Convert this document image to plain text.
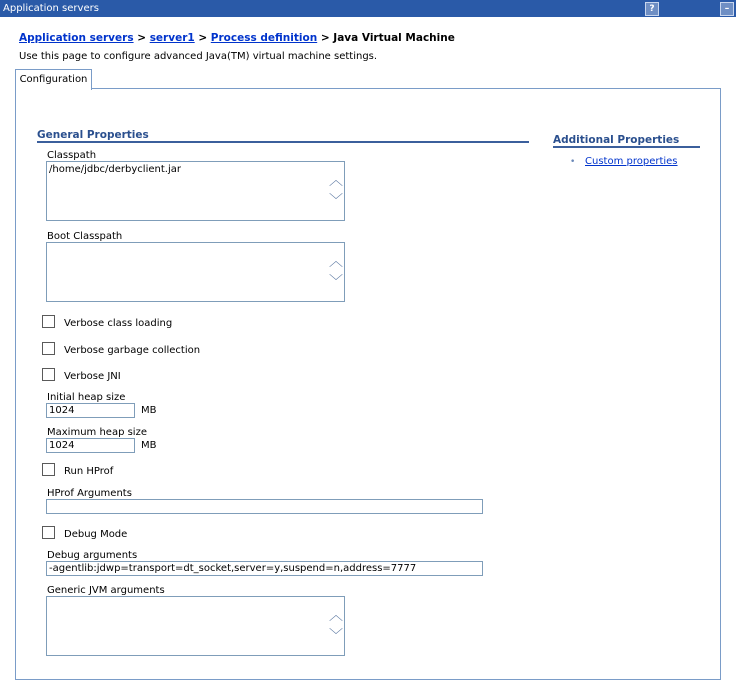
Application servers	?	–
Application servers > server1 > Process definition > Java Virtual Machine
Use this page to configure advanced Java(TM) virtual machine settings.
Configuration
General Properties	Additional Properties
• Custom properties
Classpath
/home/jdbc/derbyclient.jar
︿
﹀
Boot Classpath
︿
﹀
Verbose class loading
Verbose garbage collection
Verbose JNI
Initial heap size
1024	MB
Maximum heap size
1024	MB
Run HProf
HProf Arguments
Debug Mode
Debug arguments
-agentlib:jdwp=transport=dt_socket,server=y,suspend=n,address=7777
Generic JVM arguments
︿
﹀
